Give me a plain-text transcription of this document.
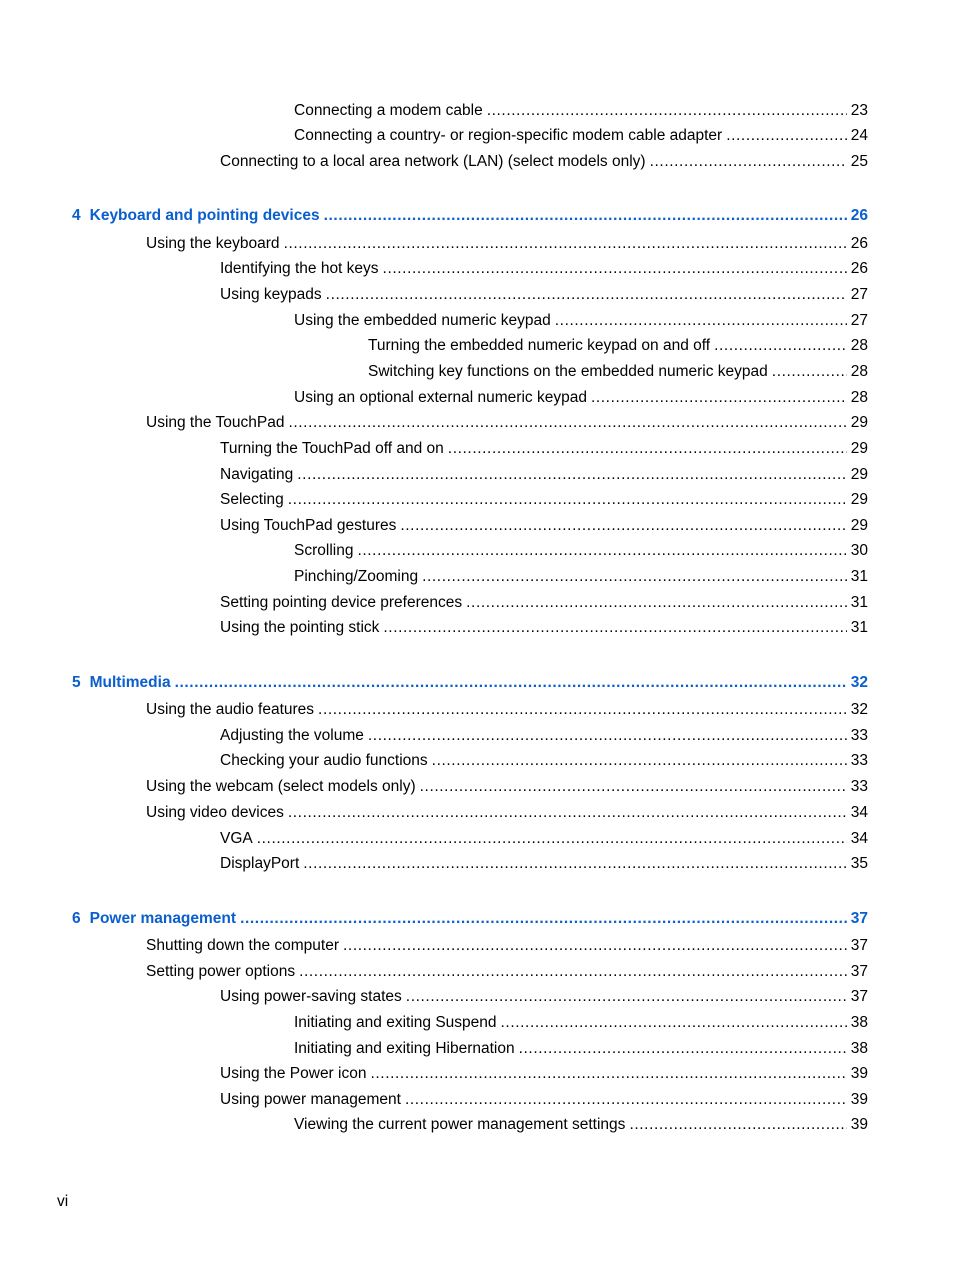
Connecting a modem cable .....	23
Connecting a country- or region-specific modem cable adapter .....	24
Connecting to a local area network (LAN) (select models only) .....	25
4 Keyboard and pointing devices .....	26
Using the keyboard .....	26
Identifying the hot keys .....	26
Using keypads .....	27
Using the embedded numeric keypad .....	27
Turning the embedded numeric keypad on and off .....	28
Switching key functions on the embedded numeric keypad .....	28
Using an optional external numeric keypad .....	28
Using the TouchPad .....	29
Turning the TouchPad off and on .....	29
Navigating .....	29
Selecting .....	29
Using TouchPad gestures .....	29
Scrolling .....	30
Pinching/Zooming .....	31
Setting pointing device preferences .....	31
Using the pointing stick .....	31
5 Multimedia .....	32
Using the audio features .....	32
Adjusting the volume .....	33
Checking your audio functions .....	33
Using the webcam (select models only) .....	33
Using video devices .....	34
VGA .....	34
DisplayPort .....	35
6 Power management .....	37
Shutting down the computer .....	37
Setting power options .....	37
Using power-saving states .....	37
Initiating and exiting Suspend .....	38
Initiating and exiting Hibernation .....	38
Using the Power icon .....	39
Using power management .....	39
Viewing the current power management settings .....	39
vi
